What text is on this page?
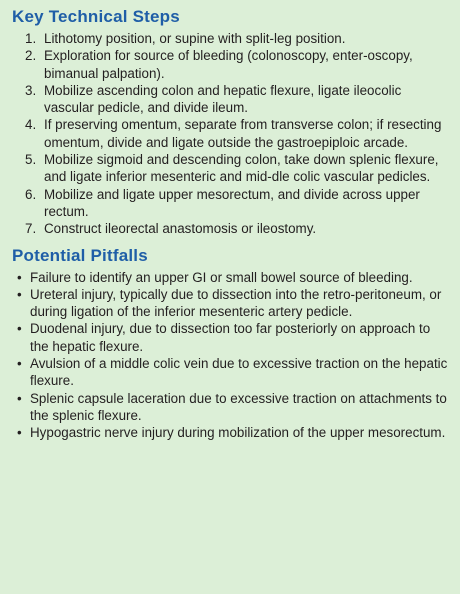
Key Technical Steps
1. Lithotomy position, or supine with split-leg position.
2. Exploration for source of bleeding (colonoscopy, enter-oscopy, bimanual palpation).
3. Mobilize ascending colon and hepatic flexure, ligate ileocolic vascular pedicle, and divide ileum.
4. If preserving omentum, separate from transverse colon; if resecting omentum, divide and ligate outside the gastroepiploic arcade.
5. Mobilize sigmoid and descending colon, take down splenic flexure, and ligate inferior mesenteric and mid-dle colic vascular pedicles.
6. Mobilize and ligate upper mesorectum, and divide across upper rectum.
7. Construct ileorectal anastomosis or ileostomy.
Potential Pitfalls
• Failure to identify an upper GI or small bowel source of bleeding.
• Ureteral injury, typically due to dissection into the retro-peritoneum, or during ligation of the inferior mesenteric artery pedicle.
• Duodenal injury, due to dissection too far posteriorly on approach to the hepatic flexure.
• Avulsion of a middle colic vein due to excessive traction on the hepatic flexure.
• Splenic capsule laceration due to excessive traction on attachments to the splenic flexure.
• Hypogastric nerve injury during mobilization of the upper mesorectum.
